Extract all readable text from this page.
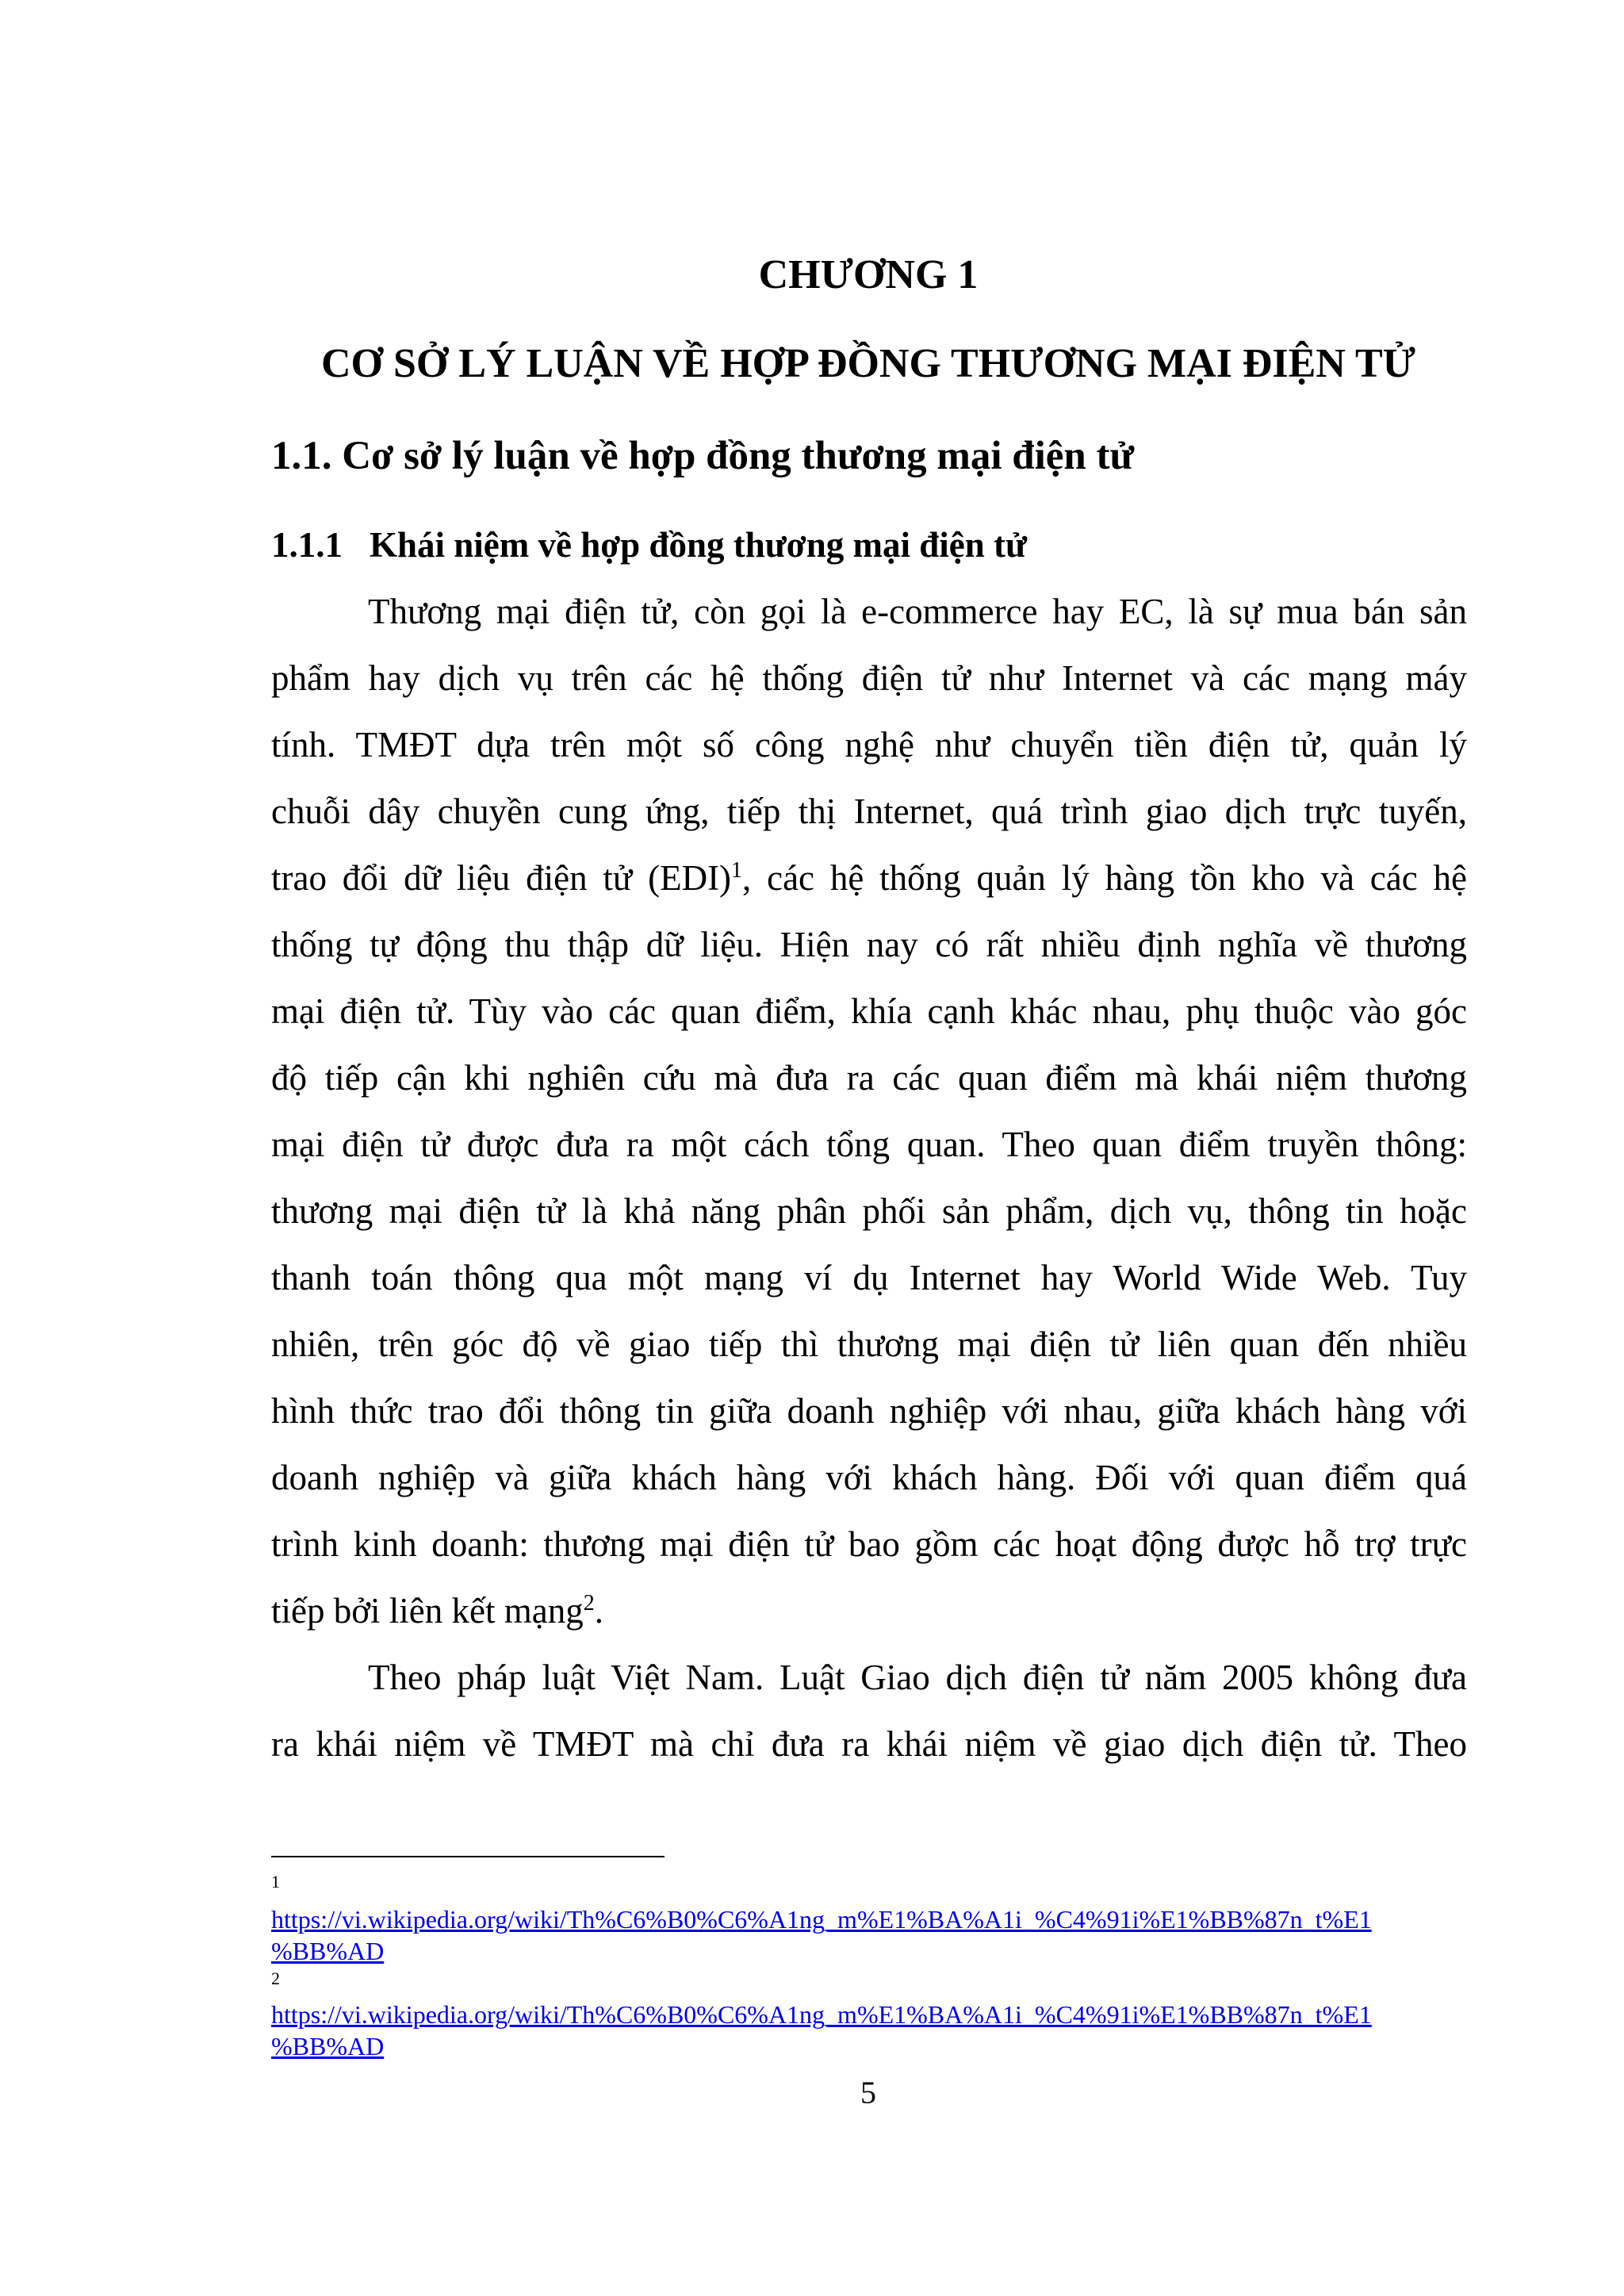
CHƯƠNG 1
CƠ SỞ LÝ LUẬN VỀ HỢP ĐỒNG THƯƠNG MẠI ĐIỆN TỬ
1.1. Cơ sở lý luận về hợp đồng thương mại điện tử
1.1.1 Khái niệm về hợp đồng thương mại điện tử
Thương mại điện tử, còn gọi là e-commerce hay EC, là sự mua bán sản
phẩm hay dịch vụ trên các hệ thống điện tử như Internet và các mạng máy
tính. TMĐT dựa trên một số công nghệ như chuyển tiền điện tử, quản lý
chuỗi dây chuyền cung ứng, tiếp thị Internet, quá trình giao dịch trực tuyến,
trao đổi dữ liệu điện tử (EDI)$^1$, các hệ thống quản lý hàng tồn kho và các hệ
thống tự động thu thập dữ liệu. Hiện nay có rất nhiều định nghĩa về thương
mại điện tử. Tùy vào các quan điểm, khía cạnh khác nhau, phụ thuộc vào góc
độ tiếp cận khi nghiên cứu mà đưa ra các quan điểm mà khái niệm thương
mại điện tử được đưa ra một cách tổng quan. Theo quan điểm truyền thông:
thương mại điện tử là khả năng phân phối sản phẩm, dịch vụ, thông tin hoặc
thanh toán thông qua một mạng ví dụ Internet hay World Wide Web. Tuy
nhiên, trên góc độ về giao tiếp thì thương mại điện tử liên quan đến nhiều
hình thức trao đổi thông tin giữa doanh nghiệp với nhau, giữa khách hàng với
doanh nghiệp và giữa khách hàng với khách hàng. Đối với quan điểm quá
trình kinh doanh: thương mại điện tử bao gồm các hoạt động được hỗ trợ trực
tiếp bởi liên kết mạng$^2$.
Theo pháp luật Việt Nam. Luật Giao dịch điện tử năm 2005 không đưa
ra khái niệm về TMĐT mà chỉ đưa ra khái niệm về giao dịch điện tử. Theo
1
https://vi.wikipedia.org/wiki/Th%C6%B0%C6%A1ng_m%E1%BA%A1i_%C4%91i%E1%BB%87n_t%E1
%BB%AD
2
https://vi.wikipedia.org/wiki/Th%C6%B0%C6%A1ng_m%E1%BA%A1i_%C4%91i%E1%BB%87n_t%E1
%BB%AD
5
